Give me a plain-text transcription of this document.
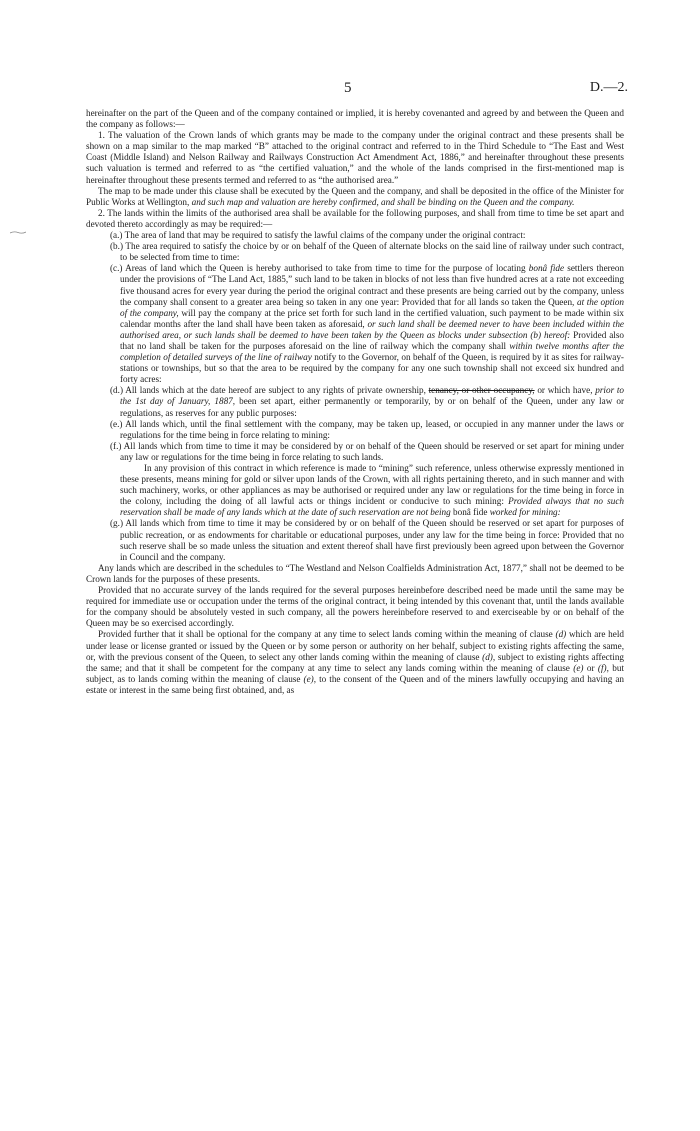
5	D.—2.

hereinafter on the part of the Queen and of the company contained or implied, it is hereby covenanted and agreed by and between the Queen and the company as follows:—

1. The valuation of the Crown lands of which grants may be made to the company under the original contract and these presents shall be shown on a map similar to the map marked “B” attached to the original contract and referred to in the Third Schedule to “The East and West Coast (Middle Island) and Nelson Railway and Railways Construction Act Amendment Act, 1886,” and hereinafter throughout these presents such valuation is termed and referred to as “the certified valuation,” and the whole of the lands comprised in the first-mentioned map is hereinafter throughout these presents termed and referred to as “the authorised area.”

The map to be made under this clause shall be executed by the Queen and the company, and shall be deposited in the office of the Minister for Public Works at Wellington, and such map and valuation are hereby confirmed, and shall be binding on the Queen and the company.

2. The lands within the limits of the authorised area shall be available for the following purposes, and shall from time to time be set apart and devoted thereto accordingly as may be required:—

(a.) The area of land that may be required to satisfy the lawful claims of the company under the original contract:

(b.) The area required to satisfy the choice by or on behalf of the Queen of alternate blocks on the said line of railway under such contract, to be selected from time to time:

(c.) Areas of land which the Queen is hereby authorised to take from time to time for the purpose of locating bonâ fide settlers thereon under the provisions of “The Land Act, 1885,” such land to be taken in blocks of not less than five hundred acres at a rate not exceeding five thousand acres for every year during the period the original contract and these presents are being carried out by the company, unless the company shall consent to a greater area being so taken in any one year: Provided that for all lands so taken the Queen, at the option of the company, will pay the company at the price set forth for such land in the certified valuation, such payment to be made within six calendar months after the land shall have been taken as aforesaid, or such land shall be deemed never to have been included within the authorised area, or such lands shall be deemed to have been taken by the Queen as blocks under subsection (b) hereof: Provided also that no land shall be taken for the purposes aforesaid on the line of railway which the company shall within twelve months after the completion of detailed surveys of the line of railway notify to the Governor, on behalf of the Queen, is required by it as sites for railway-stations or townships, but so that the area to be required by the company for any one such township shall not exceed six hundred and forty acres:

(d.) All lands which at the date hereof are subject to any rights of private ownership, tenancy, or other occupancy, or which have, prior to the 1st day of January, 1887, been set apart, either permanently or temporarily, by or on behalf of the Queen, under any law or regulations, as reserves for any public purposes:

(e.) All lands which, until the final settlement with the company, may be taken up, leased, or occupied in any manner under the laws or regulations for the time being in force relating to mining:

(f.) All lands which from time to time it may be considered by or on behalf of the Queen should be reserved or set apart for mining under any law or regulations for the time being in force relating to such lands.

In any provision of this contract in which reference is made to “mining” such reference, unless otherwise expressly mentioned in these presents, means mining for gold or silver upon lands of the Crown, with all rights pertaining thereto, and in such manner and with such machinery, works, or other appliances as may be authorised or required under any law or regulations for the time being in force in the colony, including the doing of all lawful acts or things incident or conducive to such mining: Provided always that no such reservation shall be made of any lands which at the date of such reservation are not being bonâ fide worked for mining:

(g.) All lands which from time to time it may be considered by or on behalf of the Queen should be reserved or set apart for purposes of public recreation, or as endowments for charitable or educational purposes, under any law for the time being in force: Provided that no such reserve shall be so made unless the situation and extent thereof shall have first previously been agreed upon between the Governor in Council and the company.

Any lands which are described in the schedules to “The Westland and Nelson Coalfields Administration Act, 1877,” shall not be deemed to be Crown lands for the purposes of these presents.

Provided that no accurate survey of the lands required for the several purposes hereinbefore described need be made until the same may be required for immediate use or occupation under the terms of the original contract, it being intended by this covenant that, until the lands available for the company should be absolutely vested in such company, all the powers hereinbefore reserved to and exerciseable by or on behalf of the Queen may be so exercised accordingly.

Provided further that it shall be optional for the company at any time to select lands coming within the meaning of clause (d) which are held under lease or license granted or issued by the Queen or by some person or authority on her behalf, subject to existing rights affecting the same, or, with the previous consent of the Queen, to select any other lands coming within the meaning of clause (d), subject to existing rights affecting the same; and that it shall be competent for the company at any time to select any lands coming within the meaning of clause (e) or (f), but subject, as to lands coming within the meaning of clause (e), to the consent of the Queen and of the miners lawfully occupying and having an estate or interest in the same being first obtained, and, as
